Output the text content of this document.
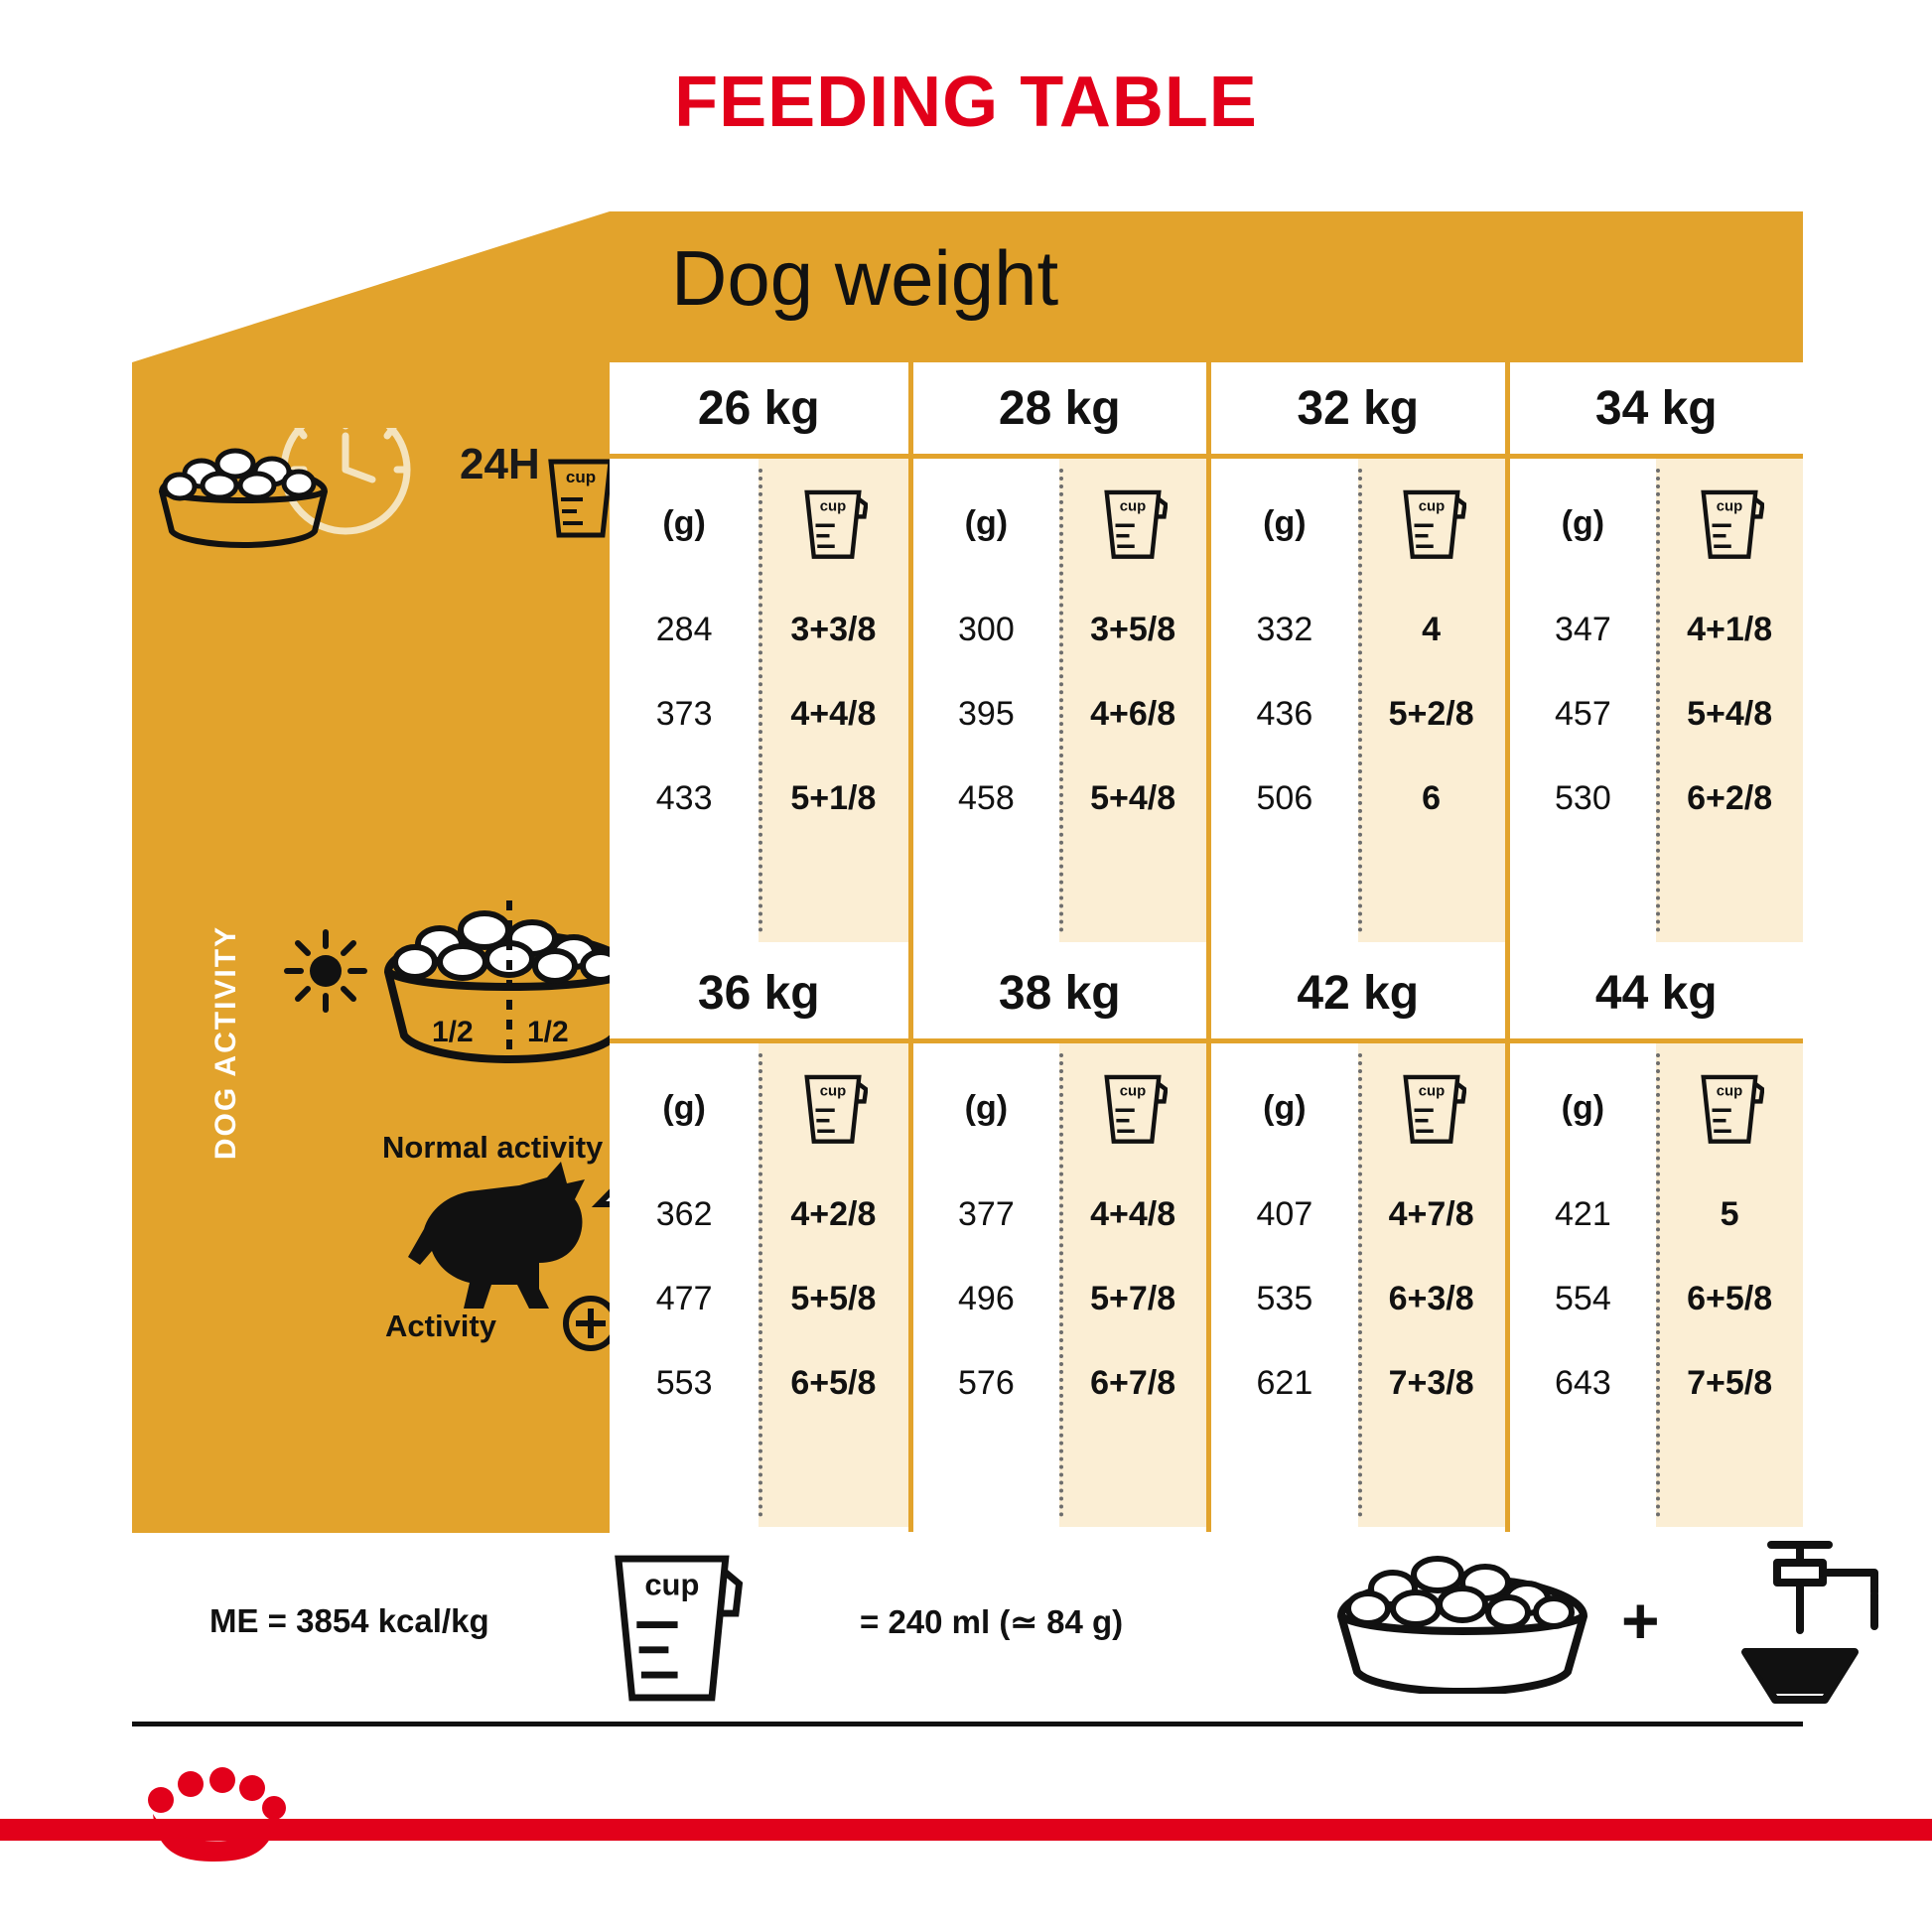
FEEDING TABLE
24H cup
DOG ACTIVITY	1/2 1/2
Normal activity
Activity
Dog weight
26 kg
(g)	cup
284	3+3/8
373	4+4/8
433	5+1/8
28 kg
(g)	cup
300	3+5/8
395	4+6/8
458	5+4/8
32 kg
(g)	cup
332	4
436	5+2/8
506	6
34 kg
(g)	cup
347	4+1/8
457	5+4/8
530	6+2/8
36 kg
(g)	cup
362	4+2/8
477	5+5/8
553	6+5/8
38 kg
(g)	cup
377	4+4/8
496	5+7/8
576	6+7/8
42 kg
(g)	cup
407	4+7/8
535	6+3/8
621	7+3/8
44 kg
(g)	cup
421	5
554	6+5/8
643	7+5/8
ME = 3854 kcal/kg
cup
= 240 ml (≃ 84 g)	+
